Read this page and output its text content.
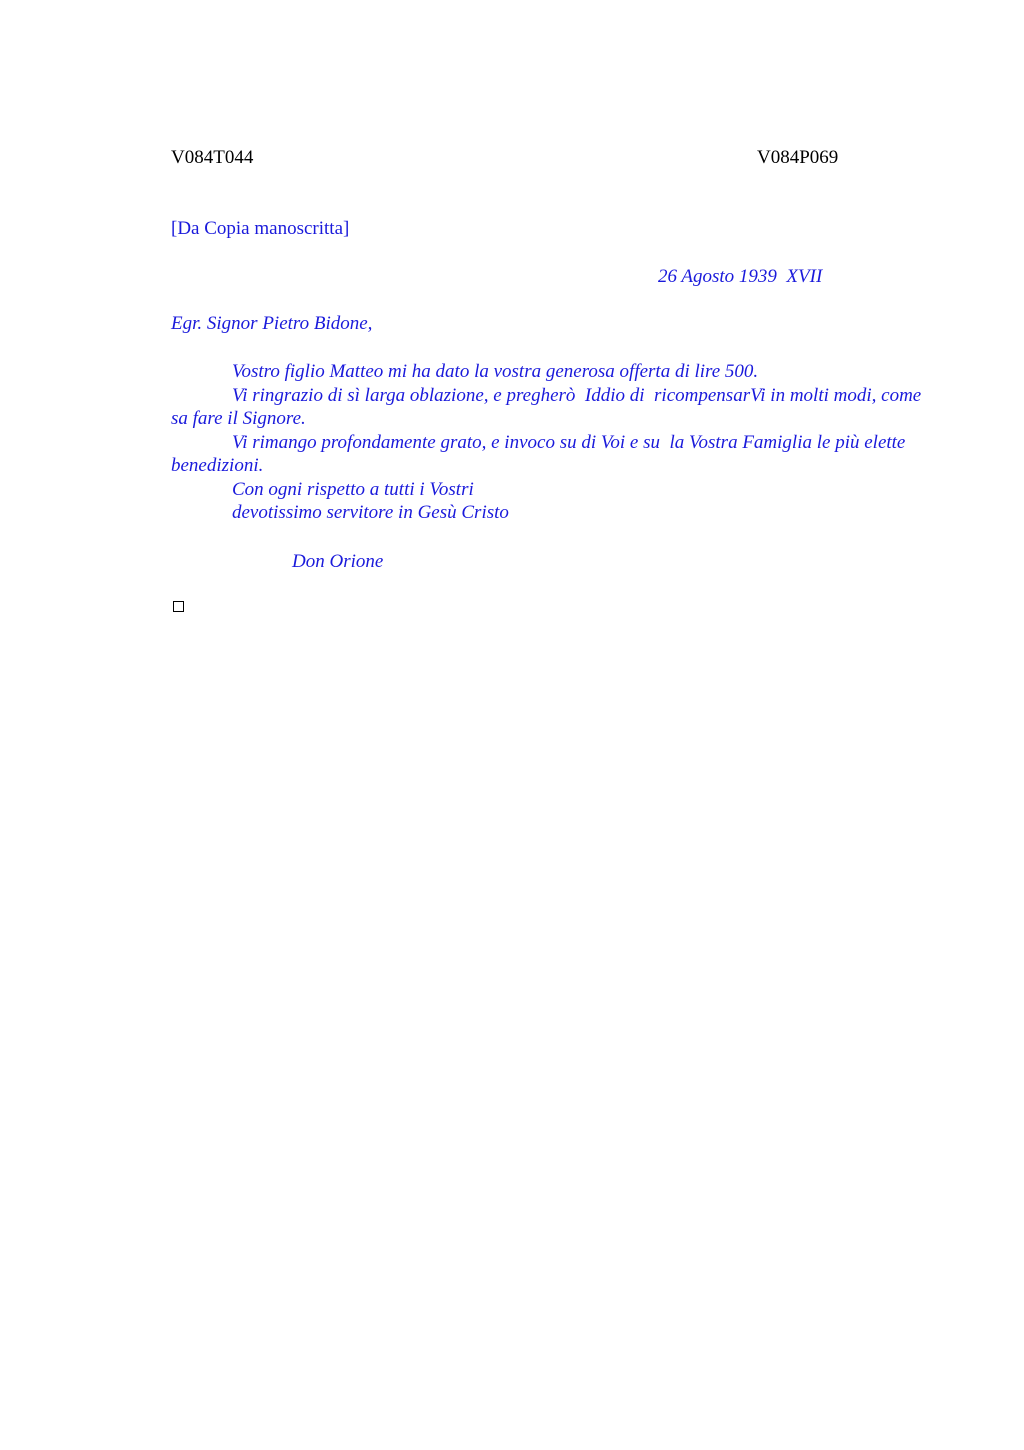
V084T044	V084P069
[Da Copia manoscritta]
26 Agosto 1939  XVII
Egr. Signor Pietro Bidone,

Vostro figlio Matteo mi ha dato la vostra generosa offerta di lire 500.

Vi ringrazio di sì larga oblazione, e pregherò  Iddio di  ricompensarVi in molti modi, come  sa fare il Signore.

Vi rimango profondamente grato, e invoco su di Voi e su  la Vostra Famiglia le più elette benedizioni.

Con ogni rispetto a tutti i Vostri

devotissimo servitore in Gesù Cristo

Don Orione
